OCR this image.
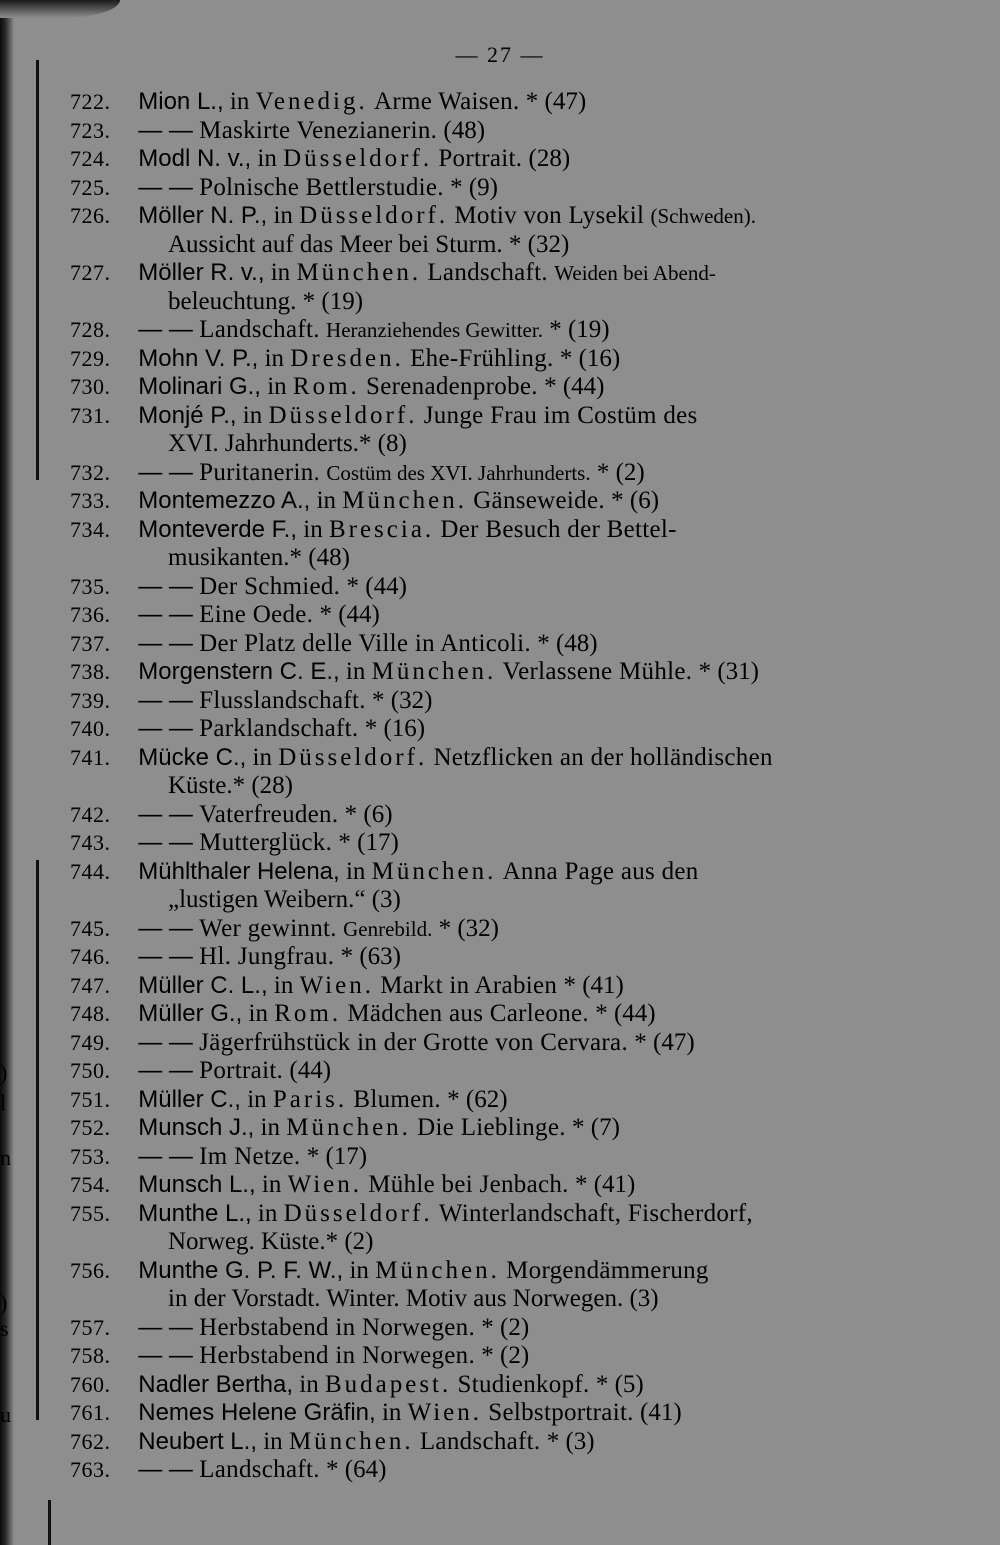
)
s
u
l
n
)
— 27 —
722. Mion L., in Venedig. Arme Waisen. * (47)
723. — — Maskirte Venezianerin. (48)
724. Modl N. v., in Düsseldorf. Portrait. (28)
725. — — Polnische Bettlerstudie. * (9)
726. Möller N. P., in Düsseldorf. Motiv von Lysekil (Schweden).
Aussicht auf das Meer bei Sturm. * (32)
727. Möller R. v., in München. Landschaft. Weiden bei Abend-
beleuchtung. * (19)
728. — — Landschaft. Heranziehendes Gewitter. * (19)
729. Mohn V. P., in Dresden. Ehe-Frühling. * (16)
730. Molinari G., in Rom. Serenadenprobe. * (44)
731. Monjé P., in Düsseldorf. Junge Frau im Costüm des
XVI. Jahrhunderts.* (8)
732. — — Puritanerin. Costüm des XVI. Jahrhunderts. * (2)
733. Montemezzo A., in München. Gänseweide. * (6)
734. Monteverde F., in Brescia. Der Besuch der Bettel-
musikanten.* (48)
735. — — Der Schmied. * (44)
736. — — Eine Oede. * (44)
737. — — Der Platz delle Ville in Anticoli. * (48)
738. Morgenstern C. E., in München. Verlassene Mühle. * (31)
739. — — Flusslandschaft. * (32)
740. — — Parklandschaft. * (16)
741. Mücke C., in Düsseldorf. Netzflicken an der holländischen
Küste.* (28)
742. — — Vaterfreuden. * (6)
743. — — Mutterglück. * (17)
744. Mühlthaler Helena, in München. Anna Page aus den
„lustigen Weibern.“ (3)
745. — — Wer gewinnt. Genrebild. * (32)
746. — — Hl. Jungfrau. * (63)
747. Müller C. L., in Wien. Markt in Arabien * (41)
748. Müller G., in Rom. Mädchen aus Carleone. * (44)
749. — — Jägerfrühstück in der Grotte von Cervara. * (47)
750. — — Portrait. (44)
751. Müller C., in Paris. Blumen. * (62)
752. Munsch J., in München. Die Lieblinge. * (7)
753. — — Im Netze. * (17)
754. Munsch L., in Wien. Mühle bei Jenbach. * (41)
755. Munthe L., in Düsseldorf. Winterlandschaft, Fischerdorf,
Norweg. Küste.* (2)
756. Munthe G. P. F. W., in München. Morgendämmerung
in der Vorstadt. Winter. Motiv aus Norwegen. (3)
757. — — Herbstabend in Norwegen. * (2)
758. — — Herbstabend in Norwegen. * (2)
760. Nadler Bertha, in Budapest. Studienkopf. * (5)
761. Nemes Helene Gräfin, in Wien. Selbstportrait. (41)
762. Neubert L., in München. Landschaft. * (3)
763. — — Landschaft. * (64)
